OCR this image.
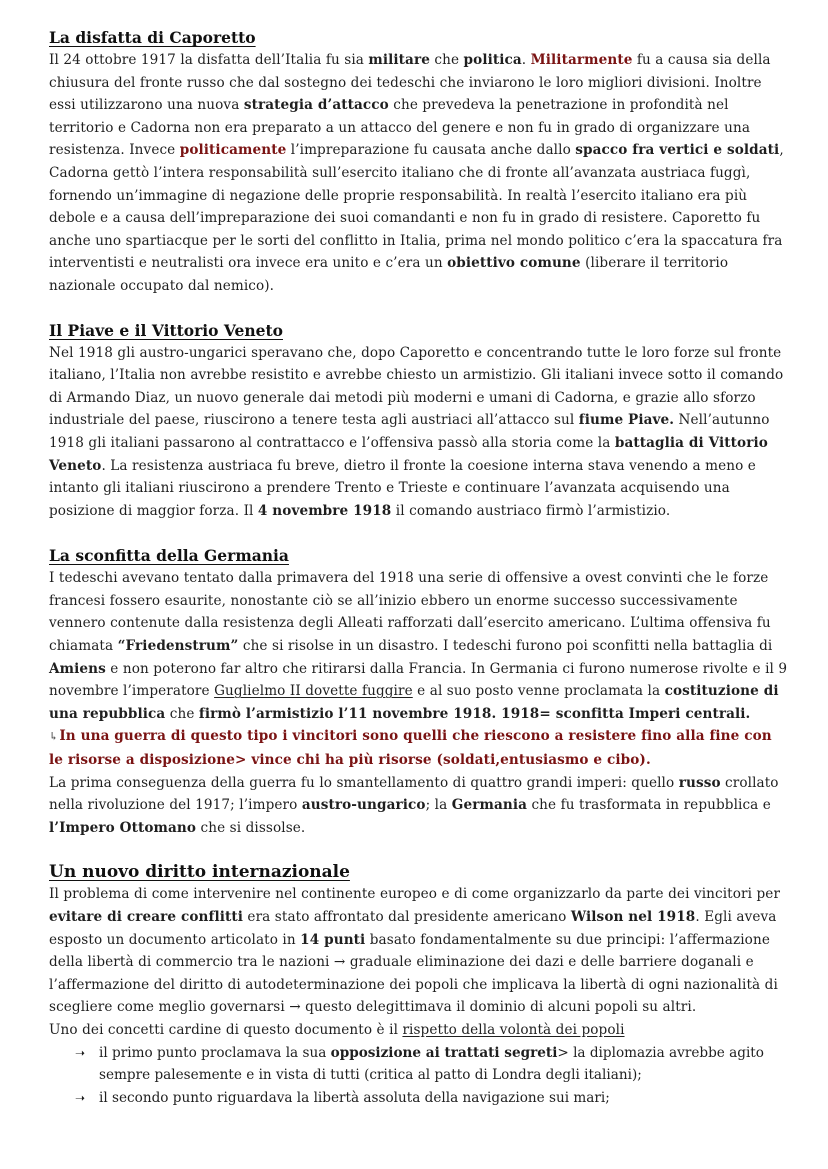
La disfatta di Caporetto

Il 24 ottobre 1917 la disfatta dell’Italia fu sia militare che politica. Militarmente fu a causa sia della chiusura del fronte russo che dal sostegno dei tedeschi che inviarono le loro migliori divisioni. Inoltre essi utilizzarono una nuova strategia d’attacco che prevedeva la penetrazione in profondità nel territorio e Cadorna non era preparato a un attacco del genere e non fu in grado di organizzare una resistenza. Invece politicamente l’impreparazione fu causata anche dallo spacco fra vertici e soldati, Cadorna gettò l’intera responsabilità sull’esercito italiano che di fronte all’avanzata austriaca fuggì, fornendo un’immagine di negazione delle proprie responsabilità. In realtà l’esercito italiano era più debole e a causa dell’impreparazione dei suoi comandanti e non fu in grado di resistere. Caporetto fu anche uno spartiacque per le sorti del conflitto in Italia, prima nel mondo politico c’era la spaccatura fra interventisti e neutralisti ora invece era unito e c’era un obiettivo comune (liberare il territorio nazionale occupato dal nemico).

Il Piave e il Vittorio Veneto

Nel 1918 gli austro-ungarici speravano che, dopo Caporetto e concentrando tutte le loro forze sul fronte italiano, l’Italia non avrebbe resistito e avrebbe chiesto un armistizio. Gli italiani invece sotto il comando di Armando Diaz, un nuovo generale dai metodi più moderni e umani di Cadorna, e grazie allo sforzo industriale del paese, riuscirono a tenere testa agli austriaci all’attacco sul fiume Piave. Nell’autunno 1918 gli italiani passarono al contrattacco e l’offensiva passò alla storia come la battaglia di Vittorio Veneto. La resistenza austriaca fu breve, dietro il fronte la coesione interna stava venendo a meno e intanto gli italiani riuscirono a prendere Trento e Trieste e continuare l’avanzata acquisendo una posizione di maggior forza. Il 4 novembre 1918 il comando austriaco firmò l’armistizio.

La sconfitta della Germania

I tedeschi avevano tentato dalla primavera del 1918 una serie di offensive a ovest convinti che le forze francesi fossero esaurite, nonostante ciò se all’inizio ebbero un enorme successo successivamente vennero contenute dalla resistenza degli Alleati rafforzati dall’esercito americano. L’ultima offensiva fu chiamata “Friedenstrum” che si risolse in un disastro. I tedeschi furono poi sconfitti nella battaglia di Amiens e non poterono far altro che ritirarsi dalla Francia. In Germania ci furono numerose rivolte e il 9 novembre l’imperatore Guglielmo II dovette fuggire e al suo posto venne proclamata la costituzione di una repubblica che firmò l’armistizio l’11 novembre 1918. 1918= sconfitta Imperi centrali.

↳In una guerra di questo tipo i vincitori sono quelli che riescono a resistere fino alla fine con le risorse a disposizione> vince chi ha più risorse (soldati,entusiasmo e cibo).

La prima conseguenza della guerra fu lo smantellamento di quattro grandi imperi: quello russo crollato nella rivoluzione del 1917; l’impero austro-ungarico; la Germania che fu trasformata in repubblica e l’Impero Ottomano che si dissolse.

Un nuovo diritto internazionale

Il problema di come intervenire nel continente europeo e di come organizzarlo da parte dei vincitori per evitare di creare conflitti era stato affrontato dal presidente americano Wilson nel 1918. Egli aveva esposto un documento articolato in 14 punti basato fondamentalmente su due principi: l’affermazione della libertà di commercio tra le nazioni → graduale eliminazione dei dazi e delle barriere doganali e l’affermazione del diritto di autodeterminazione dei popoli che implicava la libertà di ogni nazionalità di scegliere come meglio governarsi → questo delegittimava il dominio di alcuni popoli su altri.

Uno dei concetti cardine di questo documento è il rispetto della volontà dei popoli

➝ il primo punto proclamava la sua opposizione ai trattati segreti> la diplomazia avrebbe agito sempre palesemente e in vista di tutti (critica al patto di Londra degli italiani);
➝ il secondo punto riguardava la libertà assoluta della navigazione sui mari;
